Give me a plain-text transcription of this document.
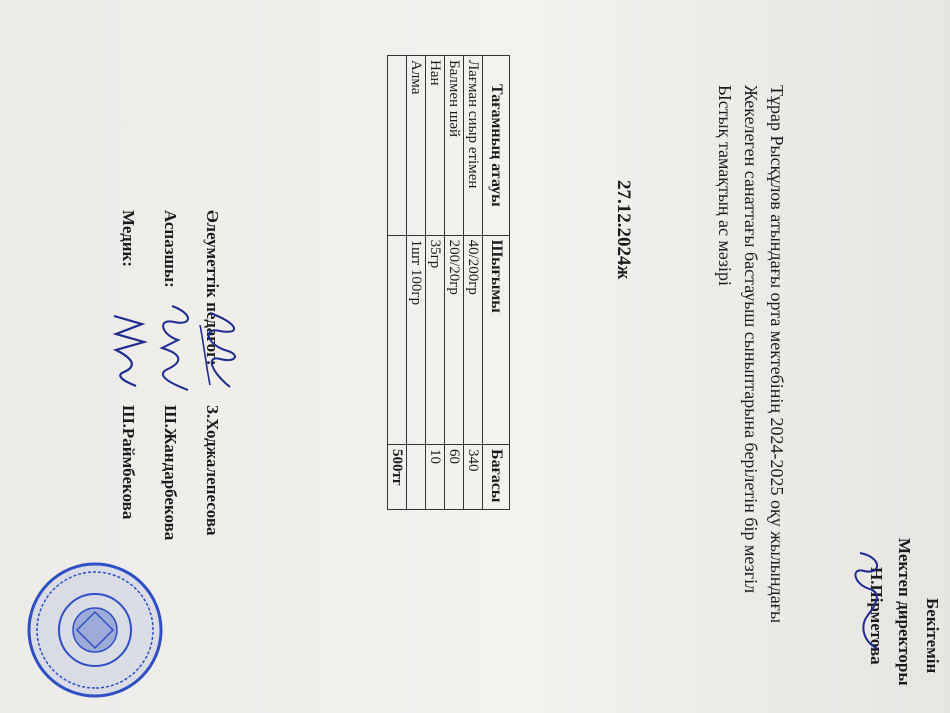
Бекітемін
Мектеп директоры
Н.Пірметова
Тұрар Рысқұлов атындағы орта мектебінің 2024-2025 оқу жылындағы
Жекелеген санаттағы бастауыш сыныптарына берілетін бір мезгіл
Ыстық тамақтың ас мәзірі
27.12.2024ж
Тағамның атауы	Шығымы	Бағасы
Лағман сиыр етімен	40/200гр	340
Балмен шәй	200/20гр	60
Нан	35гр	10
Алма	1шт 100гр	
		500тг
Әлеуметтік педагог:
Аспазшы:
Медик:
З.Ходжалепесова
Ш.Жандарбекова
Ш.Раймбекова
